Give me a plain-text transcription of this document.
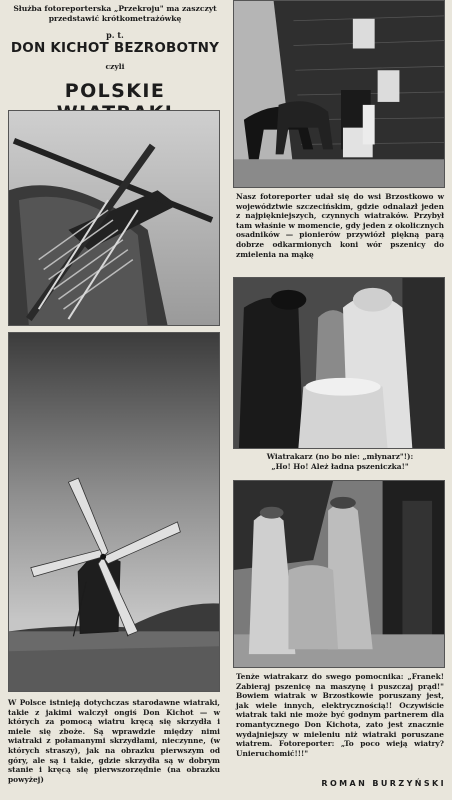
Służba fotoreporterska „Przekroju" ma zaszczyt przedstawić krótkometrażówkę
p. t.
DON KICHOT BEZROBOTNY
czyli
POLSKIE
W Polsce istnieją dotychczas starodawne wiatraki, takie z jakimi walczył ongiś Don Kichot — w których za pomocą wiatru kręcą się skrzydła i miele się zboże. Są wprawdzie między nimi wiatraki z połamanymi skrzydłami, nieczynne, (w których straszy), jak na obrazku pierwszym od góry, ale są i takie, gdzie skrzydła są w dobrym stanie i kręcą się pierwszorzędnie (na obrazku powyżej)
Nasz fotoreporter udał się do wsi Brzostkowo w województwie szczecińskim, gdzie odnalazł jeden z najpiękniejszych, czynnych wiatraków. Przybył tam właśnie w momencie, gdy jeden z okolicznych osadników — pionierów przywiózł piękną parą dobrze odkarmionych koni wór pszenicy do zmielenia na mąkę
Wiatrakarz (no bo nie: „młynarz"!):
„Ho! Ho! Ależ ładna pszeniczka!"
Tenże wiatrakarz do swego pomocnika: „Franek! Zabierąj pszenicę na maszynę i puszczaj prąd!" Bowiem wiatrak w Brzostkowie poruszany jest, jak wiele innych, elektrycznością!! Oczywiście wiatrak taki nie może być godnym partnerem dla romantycznego Don Kichota, zato jest znacznie wydajniejszy w mieleniu niż wiatraki poruszane wiatrem. Fotoreporter: „To poco wieją wiatry? Unieruchomić!!!"
ROMAN BURZYŃSKI
